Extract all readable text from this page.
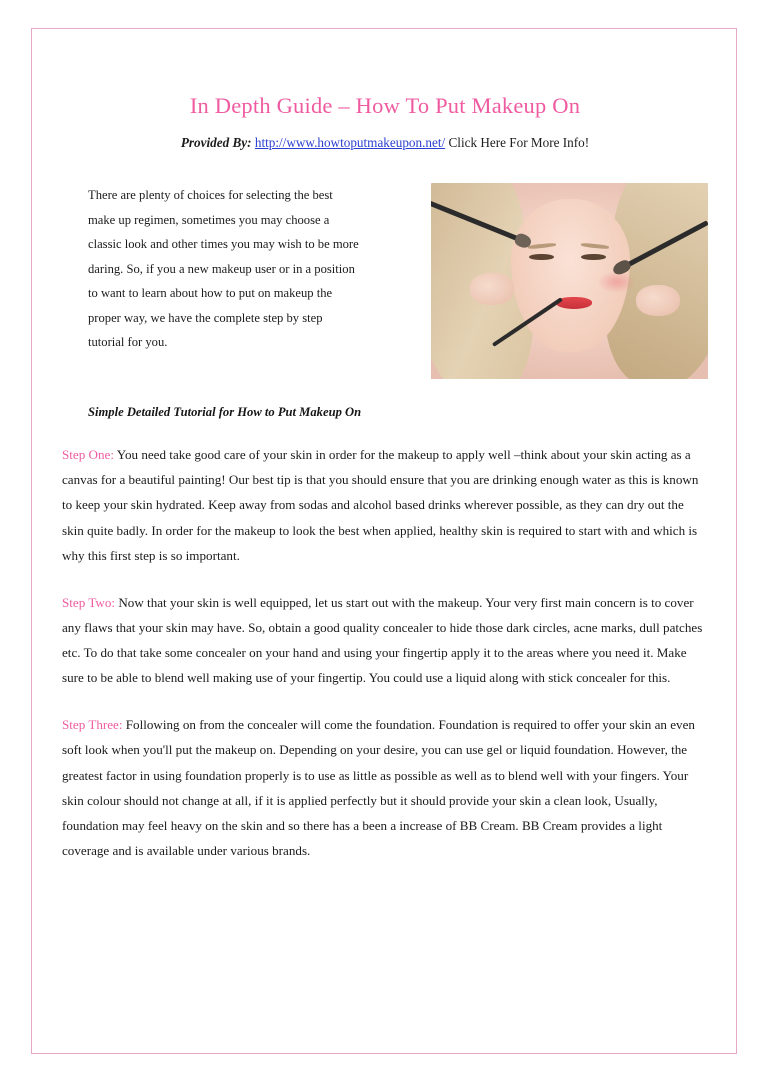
In Depth Guide – How To Put Makeup On
Provided By: http://www.howtoputmakeupon.net/ Click Here For More Info!
There are plenty of choices for selecting the best make up regimen, sometimes you may choose a classic look and other times you may wish to be more daring. So, if you a new makeup user or in a position to want to learn about how to put on makeup the proper way, we have the complete step by step tutorial for you.
Simple Detailed Tutorial for How to Put Makeup On

Step One: You need take good care of your skin in order for the makeup to apply well –think about your skin acting as a canvas for a beautiful painting! Our best tip is that you should ensure that you are drinking enough water as this is known to keep your skin hydrated. Keep away from sodas and alcohol based drinks wherever possible, as they can dry out the skin quite badly. In order for the makeup to look the best when applied, healthy skin is required to start with and which is why this first step is so important.

Step Two: Now that your skin is well equipped, let us start out with the makeup. Your very first main concern is to cover any flaws that your skin may have. So, obtain a good quality concealer to hide those dark circles, acne marks, dull patches etc. To do that take some concealer on your hand and using your fingertip apply it to the areas where you need it. Make sure to be able to blend well making use of your fingertip. You could use a liquid along with stick concealer for this.

Step Three: Following on from the concealer will come the foundation. Foundation is required to offer your skin an even soft look when you'll put the makeup on. Depending on your desire, you can use gel or liquid foundation. However, the greatest factor in using foundation properly is to use as little as possible as well as to blend well with your fingers. Your skin colour should not change at all, if it is applied perfectly but it should provide your skin a clean look, Usually, foundation may feel heavy on the skin and so there has a been a increase of BB Cream. BB Cream provides a light coverage and is available under various brands.
